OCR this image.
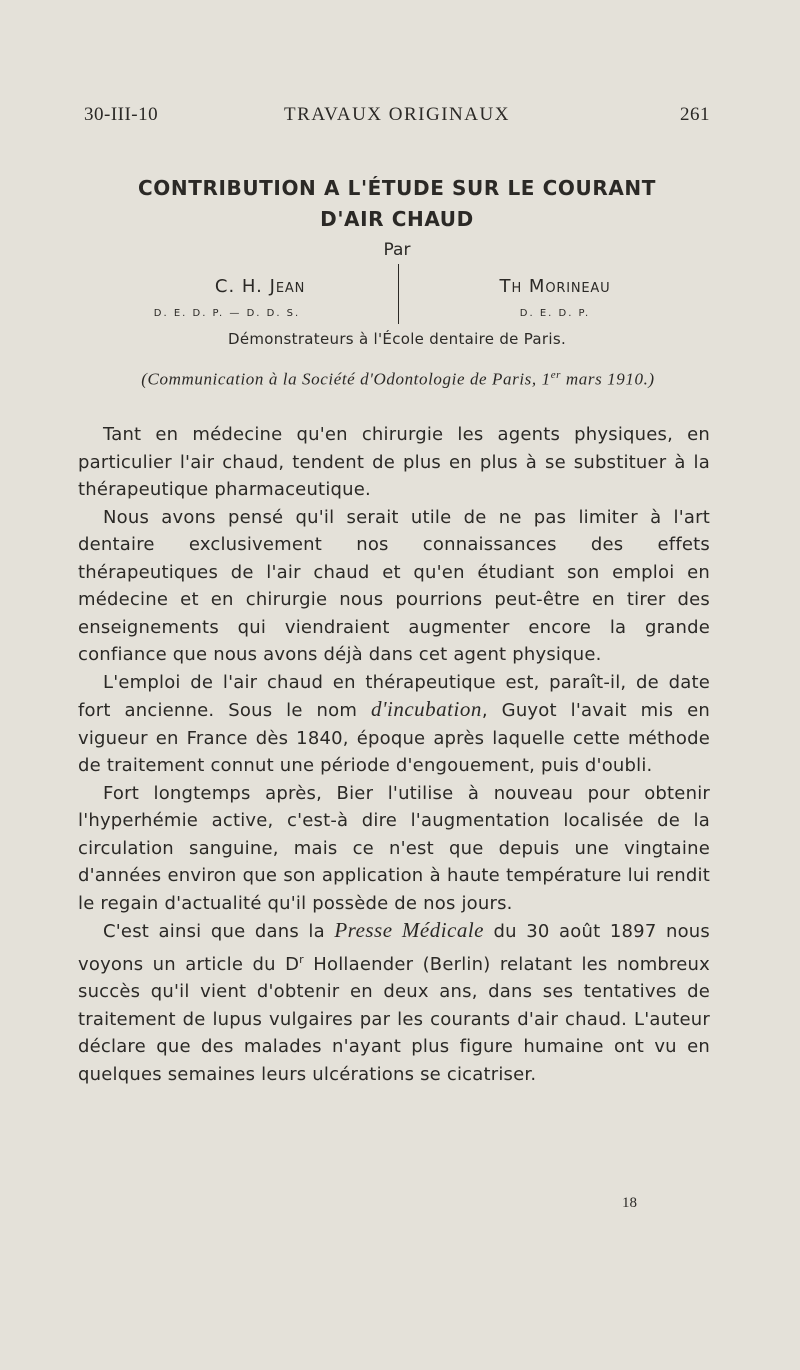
30-III-10	TRAVAUX ORIGINAUX	261
CONTRIBUTION A L'ÉTUDE SUR LE COURANT
D'AIR CHAUD
Par
C. H. JEAN
D. E. D. P. — D. D. S.
TH MORINEAU
D. E. D. P.
Démonstrateurs à l'École dentaire de Paris.
(Communication à la Société d'Odontologie de Paris, 1er mars 1910.)

Tant en médecine qu'en chirurgie les agents physiques, en particulier l'air chaud, tendent de plus en plus à se substituer à la thérapeutique pharmaceutique.

Nous avons pensé qu'il serait utile de ne pas limiter à l'art dentaire exclusivement nos connaissances des effets thérapeutiques de l'air chaud et qu'en étudiant son emploi en médecine et en chirurgie nous pourrions peut-être en tirer des enseignements qui viendraient augmenter encore la grande confiance que nous avons déjà dans cet agent physique.

L'emploi de l'air chaud en thérapeutique est, paraît-il, de date fort ancienne. Sous le nom d'incubation, Guyot l'avait mis en vigueur en France dès 1840, époque après laquelle cette méthode de traitement connut une période d'engouement, puis d'oubli.

Fort longtemps après, Bier l'utilise à nouveau pour obtenir l'hyperhémie active, c'est-à dire l'augmentation localisée de la circulation sanguine, mais ce n'est que depuis une vingtaine d'années environ que son application à haute température lui rendit le regain d'actualité qu'il possède de nos jours.

C'est ainsi que dans la Presse Médicale du 30 août 1897 nous voyons un article du $D^r$ Hollaender (Berlin) relatant les nombreux succès qu'il vient d'obtenir en deux ans, dans ses tentatives de traitement de lupus vulgaires par les courants d'air chaud. L'auteur déclare que des malades n'ayant plus figure humaine ont vu en quelques semaines leurs ulcérations se cicatriser.

18
